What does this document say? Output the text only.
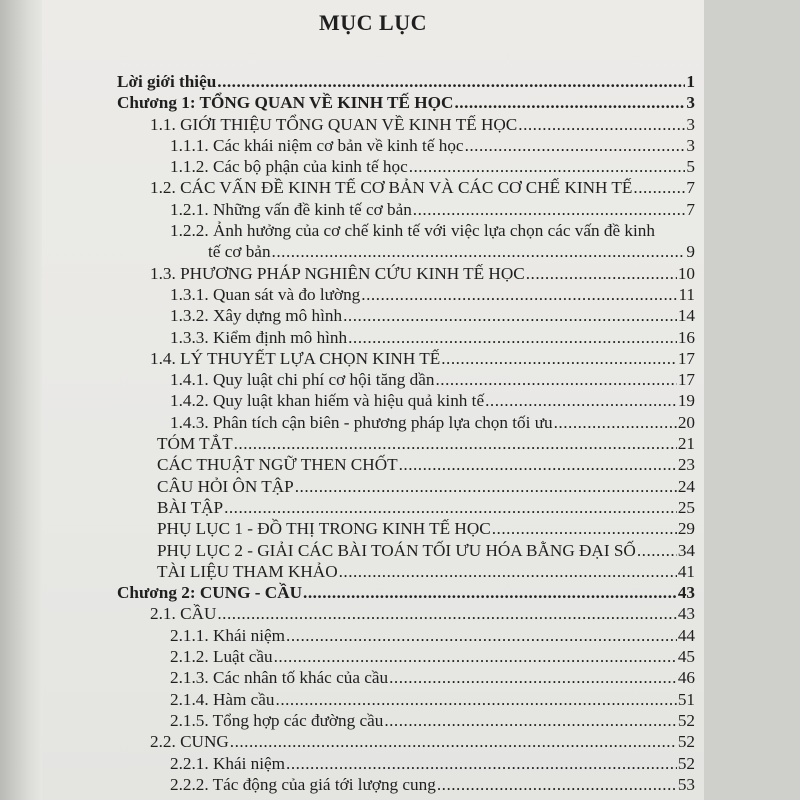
MỤC LỤC
Lời giới thiệu .....	1
Chương 1: TỔNG QUAN VỀ KINH TẾ HỌC .....	3
1.1. GIỚI THIỆU TỔNG QUAN VỀ KINH TẾ HỌC .....	3
1.1.1. Các khái niệm cơ bản về kinh tế học .....	3
1.1.2. Các bộ phận của kinh tế học .....	5
1.2. CÁC VẤN ĐỀ KINH TẾ CƠ BẢN VÀ CÁC CƠ CHẾ KINH TẾ .....	7
1.2.1. Những vấn đề kinh tế cơ bản .....	7
1.2.2. Ảnh hưởng của cơ chế kinh tế với việc lựa chọn các vấn đề kinh
tế cơ bản .....	9
1.3. PHƯƠNG PHÁP NGHIÊN CỨU KINH TẾ HỌC .....	10
1.3.1. Quan sát và đo lường .....	11
1.3.2. Xây dựng mô hình .....	14
1.3.3. Kiểm định mô hình .....	16
1.4. LÝ THUYẾT LỰA CHỌN KINH TẾ .....	17
1.4.1. Quy luật chi phí cơ hội tăng dần .....	17
1.4.2. Quy luật khan hiếm và hiệu quả kinh tế .....	19
1.4.3. Phân tích cận biên - phương pháp lựa chọn tối ưu .....	20
TÓM TẮT .....	21
CÁC THUẬT NGỮ THEN CHỐT .....	23
CÂU HỎI ÔN TẬP .....	24
BÀI TẬP .....	25
PHỤ LỤC 1 - ĐỒ THỊ TRONG KINH TẾ HỌC .....	29
PHỤ LỤC 2 - GIẢI CÁC BÀI TOÁN TỐI ƯU HÓA BẰNG ĐẠI SỐ ..... 34
TÀI LIỆU THAM KHẢO .....	41
Chương 2: CUNG - CẦU .....	43
2.1. CẦU .....	43
2.1.1. Khái niệm .....	44
2.1.2. Luật cầu .....	45
2.1.3. Các nhân tố khác của cầu .....	46
2.1.4. Hàm cầu .....	51
2.1.5. Tổng hợp các đường cầu .....	52
2.2. CUNG .....	52
2.2.1. Khái niệm .....	52
2.2.2. Tác động của giá tới lượng cung .....	53
